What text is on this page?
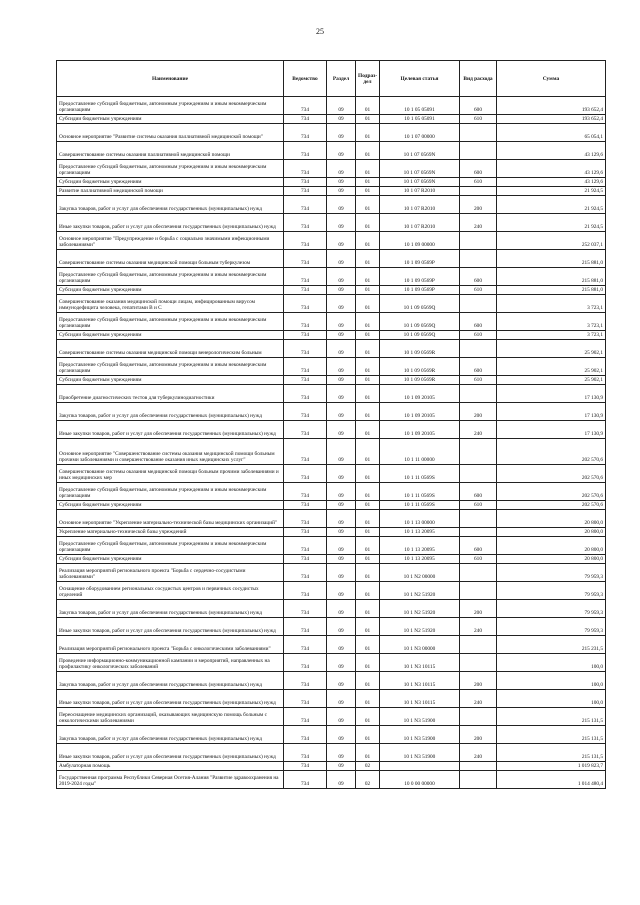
25
Наименование	Ведомство	Раздел	Подраз-дел	Целевая статья	Вид расхода	Сумма
Предоставление субсидий бюджетным, автономным учреждениям и иным некоммерческим организациям	734	09	01	10 1 05 05091	600	193 652,4
Субсидии бюджетным учреждениям	734	09	01	10 1 05 05091	610	193 652,4
Основное мероприятие "Развитие системы оказания паллиативной медицинской помощи"	734	09	01	10 1 07 00000		65 054,1
Совершенствование системы оказания паллиативной медицинской помощи	734	09	01	10 1 07 0569N		43 129,6
Предоставление субсидий бюджетным, автономным учреждениям и иным некоммерческим организациям	734	09	01	10 1 07 0569N	600	43 129,6
Субсидии бюджетным учреждениям	734	09	01	10 1 07 0569N	610	43 129,6
Развитие паллиативной медицинской помощи	734	09	01	10 1 07 R2010		21 924,5
Закупка товаров, работ и услуг для обеспечения государственных (муниципальных) нужд	734	09	01	10 1 07 R2010	200	21 924,5
Иные закупки товаров, работ и услуг для обеспечения государственных (муниципальных) нужд	734	09	01	10 1 07 R2010	240	21 924,5
Основное мероприятие "Предупреждение и борьба с социально значимыми инфекционными заболеваниями"	734	09	01	10 1 09 00000		252 037,1
Совершенствование системы оказания медицинской помощи больным туберкулезом	734	09	01	10 1 09 0569P		215 881,0
Предоставление субсидий бюджетным, автономным учреждениям и иным некоммерческим организациям	734	09	01	10 1 09 0569P	600	215 881,0
Субсидии бюджетным учреждениям	734	09	01	10 1 09 0569P	610	215 881,0
Совершенствование оказания медицинской помощи лицам, инфицированным вирусом иммунодефицита человека, гепатитами В и С	734	09	01	10 1 09 0569Q		3 723,1
Предоставление субсидий бюджетным, автономным учреждениям и иным некоммерческим организациям	734	09	01	10 1 09 0569Q	600	3 723,1
Субсидии бюджетным учреждениям	734	09	01	10 1 09 0569Q	610	3 723,1
Совершенствование системы оказания медицинской помощи венерологическим больным	734	09	01	10 1 09 0569R		25 902,1
Предоставление субсидий бюджетным, автономным учреждениям и иным некоммерческим организациям	734	09	01	10 1 09 0569R	600	25 902,1
Субсидии бюджетным учреждениям	734	09	01	10 1 09 0569R	610	25 902,1
Приобретение диагностических тестов для туберкулинодиагностики	734	09	01	10 1 09 20105		17 130,9
Закупка товаров, работ и услуг для обеспечения государственных (муниципальных) нужд	734	09	01	10 1 09 20105	200	17 130,9
Иные закупки товаров, работ и услуг для обеспечения государственных (муниципальных) нужд	734	09	01	10 1 09 20105	240	17 130,9
Основное мероприятие "Совершенствование системы оказания медицинской помощи больным прочими заболеваниями и совершенствование оказания иных медицинских услуг"	734	09	01	10 1 11 00000		202 570,6
Совершенствование системы оказания медицинской помощи больным прочими заболеваниями и иных медицинских мер	734	09	01	10 1 11 0569S		202 570,6
Предоставление субсидий бюджетным, автономным учреждениям и иным некоммерческим организациям	734	09	01	10 1 11 0569S	600	202 570,6
Субсидии бюджетным учреждениям	734	09	01	10 1 11 0569S	610	202 570,6
Основное мероприятие "Укрепление материально-технической базы медицинских организаций"	734	09	01	10 1 13 00000		20 800,0
Укрепление материально-технической базы учреждений	734	09	01	10 1 13 20095		20 800,0
Предоставление субсидий бюджетным, автономным учреждениям и иным некоммерческим организациям	734	09	01	10 1 13 20095	600	20 800,0
Субсидии бюджетным учреждениям	734	09	01	10 1 13 20095	610	20 800,0
Реализация мероприятий регионального проекта "Борьба с сердечно-сосудистыми заболеваниями"	734	09	01	10 1 N2 00000		79 959,3
Оснащение оборудованием региональных сосудистых центров и первичных сосудистых отделений	734	09	01	10 1 N2 51920		79 959,3
Закупка товаров, работ и услуг для обеспечения государственных (муниципальных) нужд	734	09	01	10 1 N2 51920	200	79 959,3
Иные закупки товаров, работ и услуг для обеспечения государственных (муниципальных) нужд	734	09	01	10 1 N2 51920	240	79 959,3
Реализация мероприятий регионального проекта "Борьба с онкологическими заболеваниями"	734	09	01	10 1 N3 00000		215 231,5
Проведение информационно-коммуникационной кампании и мероприятий, направленных на профилактику онкологических заболеваний	734	09	01	10 1 N3 10115		100,0
Закупка товаров, работ и услуг для обеспечения государственных (муниципальных) нужд	734	09	01	10 1 N3 10115	200	100,0
Иные закупки товаров, работ и услуг для обеспечения государственных (муниципальных) нужд	734	09	01	10 1 N3 10115	240	100,0
Переоснащение медицинских организаций, оказывающих медицинскую помощь больным с онкологическими заболеваниями	734	09	01	10 1 N3 51900		215 131,5
Закупка товаров, работ и услуг для обеспечения государственных (муниципальных) нужд	734	09	01	10 1 N3 51900	200	215 131,5
Иные закупки товаров, работ и услуг для обеспечения государственных (муниципальных) нужд	734	09	01	10 1 N3 51900	240	215 131,5
Амбулаторная помощь	734	09	02			1 019 823,7
Государственная программа Республики Северная Осетия-Алания "Развитие здравоохранения на 2019-2024 годы"	734	09	02	10 0 00 00000		1 014 480,4
